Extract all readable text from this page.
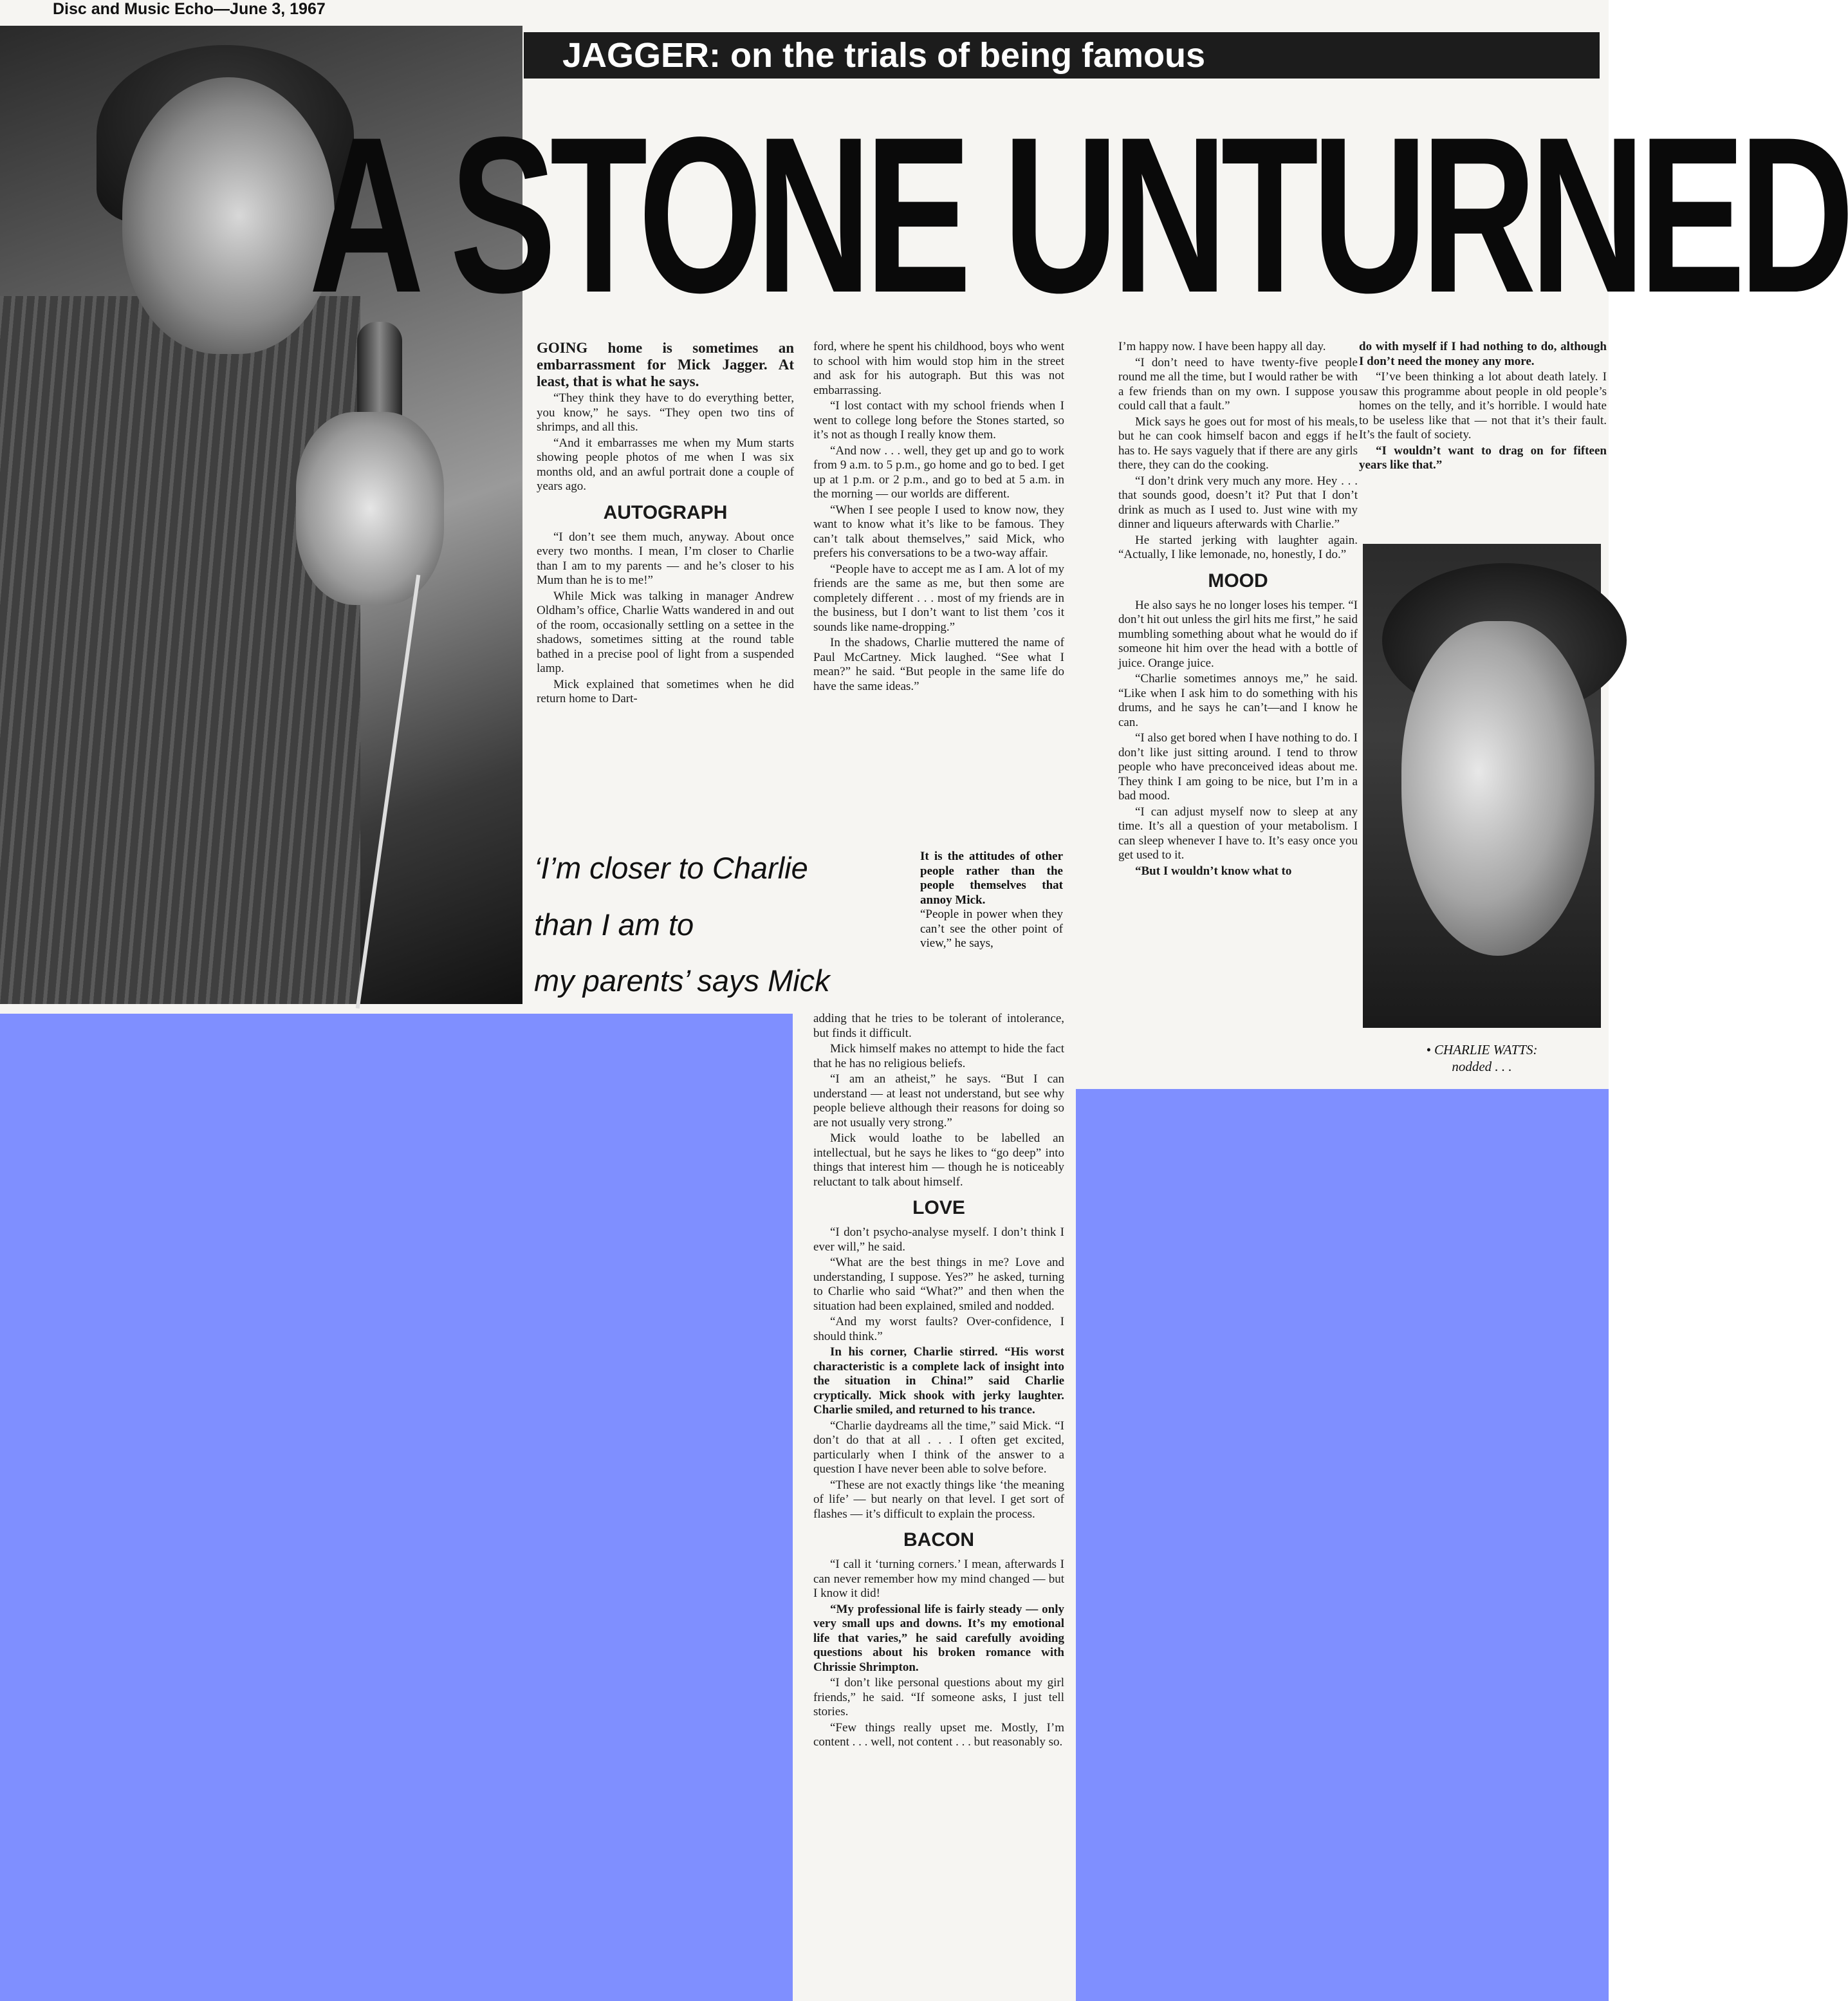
Disc and Music Echo—June 3, 1967
JAGGER: on the trials of being famous
A STONE UNTURNED

GOING home is sometimes an embarrassment for Mick Jagger. At least, that is what he says.

“They think they have to do everything better, you know,” he says. “They open two tins of shrimps, and all this.

“And it embarrasses me when my Mum starts showing people photos of me when I was six months old, and an awful portrait done a couple of years ago.

AUTOGRAPH

“I don’t see them much, anyway. About once every two months. I mean, I’m closer to Charlie than I am to my parents — and he’s closer to his Mum than he is to me!”

While Mick was talking in manager Andrew Oldham’s office, Charlie Watts wandered in and out of the room, occasionally settling on a settee in the shadows, sometimes sitting at the round table bathed in a precise pool of light from a suspended lamp.

Mick explained that sometimes when he did return home to Dart-

ford, where he spent his childhood, boys who went to school with him would stop him in the street and ask for his autograph. But this was not embarrassing.

“I lost contact with my school friends when I went to college long before the Stones started, so it’s not as though I really know them.

“And now . . . well, they get up and go to work from 9 a.m. to 5 p.m., go home and go to bed. I get up at 1 p.m. or 2 p.m., and go to bed at 5 a.m. in the morning — our worlds are different.

“When I see people I used to know now, they want to know what it’s like to be famous. They can’t talk about themselves,” said Mick, who prefers his conversations to be a two-way affair.

“People have to accept me as I am. A lot of my friends are the same as me, but then some are completely different . . . most of my friends are in the business, but I don’t want to list them ’cos it sounds like name-dropping.”

In the shadows, Charlie muttered the name of Paul McCartney. Mick laughed. “See what I mean?” he said. “But people in the same life do have the same ideas.”

‘I’m closer to Charlie
than I am to
my parents’ says Mick

It is the attitudes of other people rather than the people themselves that annoy Mick.

“People in power when they can’t see the other point of view,” he says,

adding that he tries to be tolerant of intolerance, but finds it difficult.

Mick himself makes no attempt to hide the fact that he has no religious beliefs.

“I am an atheist,” he says. “But I can understand — at least not understand, but see why people believe although their reasons for doing so are not usually very strong.”

Mick would loathe to be labelled an intellectual, but he says he likes to “go deep” into things that interest him — though he is noticeably reluctant to talk about himself.

LOVE

“I don’t psycho-analyse myself. I don’t think I ever will,” he said.

“What are the best things in me? Love and understanding, I suppose. Yes?” he asked, turning to Charlie who said “What?” and then when the situation had been explained, smiled and nodded.

“And my worst faults? Over-confidence, I should think.”

In his corner, Charlie stirred. “His worst characteristic is a complete lack of insight into the situation in China!” said Charlie cryptically. Mick shook with jerky laughter. Charlie smiled, and returned to his trance.

“Charlie daydreams all the time,” said Mick. “I don’t do that at all . . . I often get excited, particularly when I think of the answer to a question I have never been able to solve before.

“These are not exactly things like ‘the meaning of life’ — but nearly on that level. I get sort of flashes — it’s difficult to explain the process.

BACON

“I call it ‘turning corners.’ I mean, afterwards I can never remember how my mind changed — but I know it did!

“My professional life is fairly steady — only very small ups and downs. It’s my emotional life that varies,” he said carefully avoiding questions about his broken romance with Chrissie Shrimpton.

“I don’t like personal questions about my girl friends,” he said. “If someone asks, I just tell stories.

“Few things really upset me. Mostly, I’m content . . . well, not content . . . but reasonably so.

I’m happy now. I have been happy all day.

“I don’t need to have twenty-five people round me all the time, but I would rather be with a few friends than on my own. I suppose you could call that a fault.”

Mick says he goes out for most of his meals, but he can cook himself bacon and eggs if he has to. He says vaguely that if there are any girls there, they can do the cooking.

“I don’t drink very much any more. Hey . . . that sounds good, doesn’t it? Put that I don’t drink as much as I used to. Just wine with my dinner and liqueurs afterwards with Charlie.”

He started jerking with laughter again. “Actually, I like lemonade, no, honestly, I do.”

MOOD

He also says he no longer loses his temper. “I don’t hit out unless the girl hits me first,” he said mumbling something about what he would do if someone hit him over the head with a bottle of juice. Orange juice.

“Charlie sometimes annoys me,” he said. “Like when I ask him to do something with his drums, and he says he can’t—and I know he can.

“I also get bored when I have nothing to do. I don’t like just sitting around. I tend to throw people who have preconceived ideas about me. They think I am going to be nice, but I’m in a bad mood.

“I can adjust myself now to sleep at any time. It’s all a question of your metabolism. I can sleep whenever I have to. It’s easy once you get used to it.

“But I wouldn’t know what to

do with myself if I had nothing to do, although I don’t need the money any more.

“I’ve been thinking a lot about death lately. I saw this programme about people in old people’s homes on the telly, and it’s horrible. I would hate to be useless like that — not that it’s their fault. It’s the fault of society.

“I wouldn’t want to drag on for fifteen years like that.”

• CHARLIE WATTS:
nodded . . .
